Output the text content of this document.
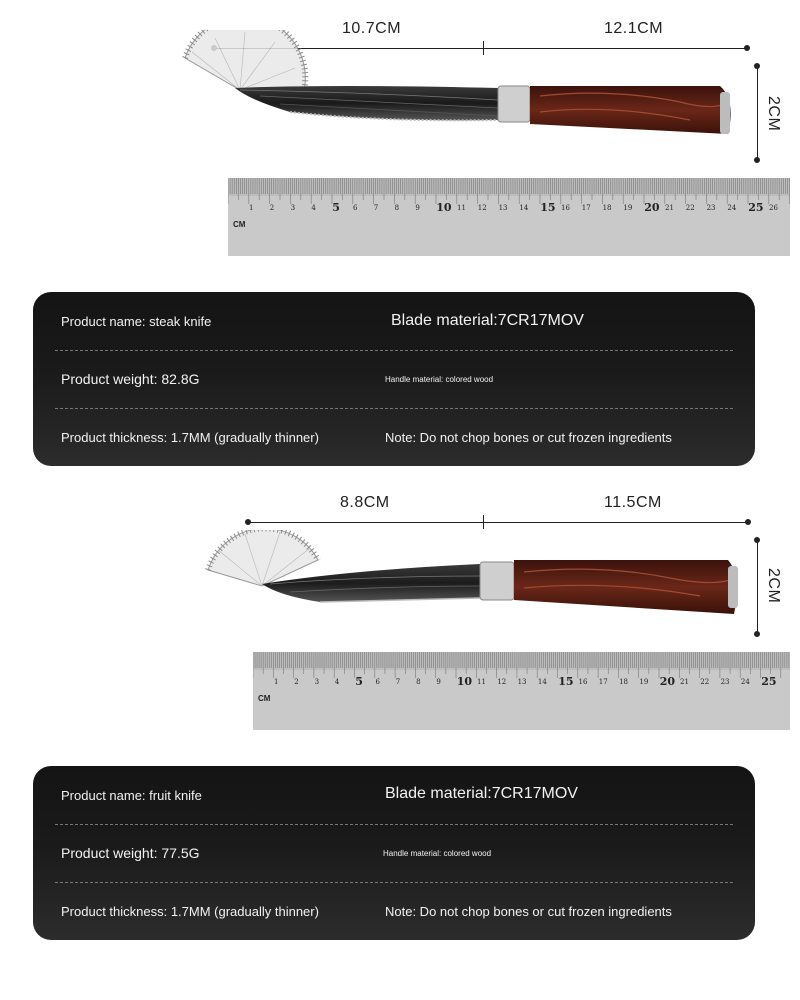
10.7CM	12.1CM
2CM
1 2 3 4 5 6 7 8 9 10 11 12 13 14 15 16 17 18 19 20 21 22 23 24 25 26
CM
Product name: steak knife	Blade material:7CR17MOV
Product weight: 82.8G	Handle material: colored wood
Product thickness: 1.7MM (gradually thinner)	Note: Do not chop bones or cut frozen ingredients
8.8CM	11.5CM
2CM
1 2 3 4 5 6 7 8 9 10 11 12 13 14 15 16 17 18 19 20 21 22 23 24 25
CM
Product name: fruit knife	Blade material:7CR17MOV
Product weight: 77.5G	Handle material: colored wood
Product thickness: 1.7MM (gradually thinner)	Note: Do not chop bones or cut frozen ingredients
